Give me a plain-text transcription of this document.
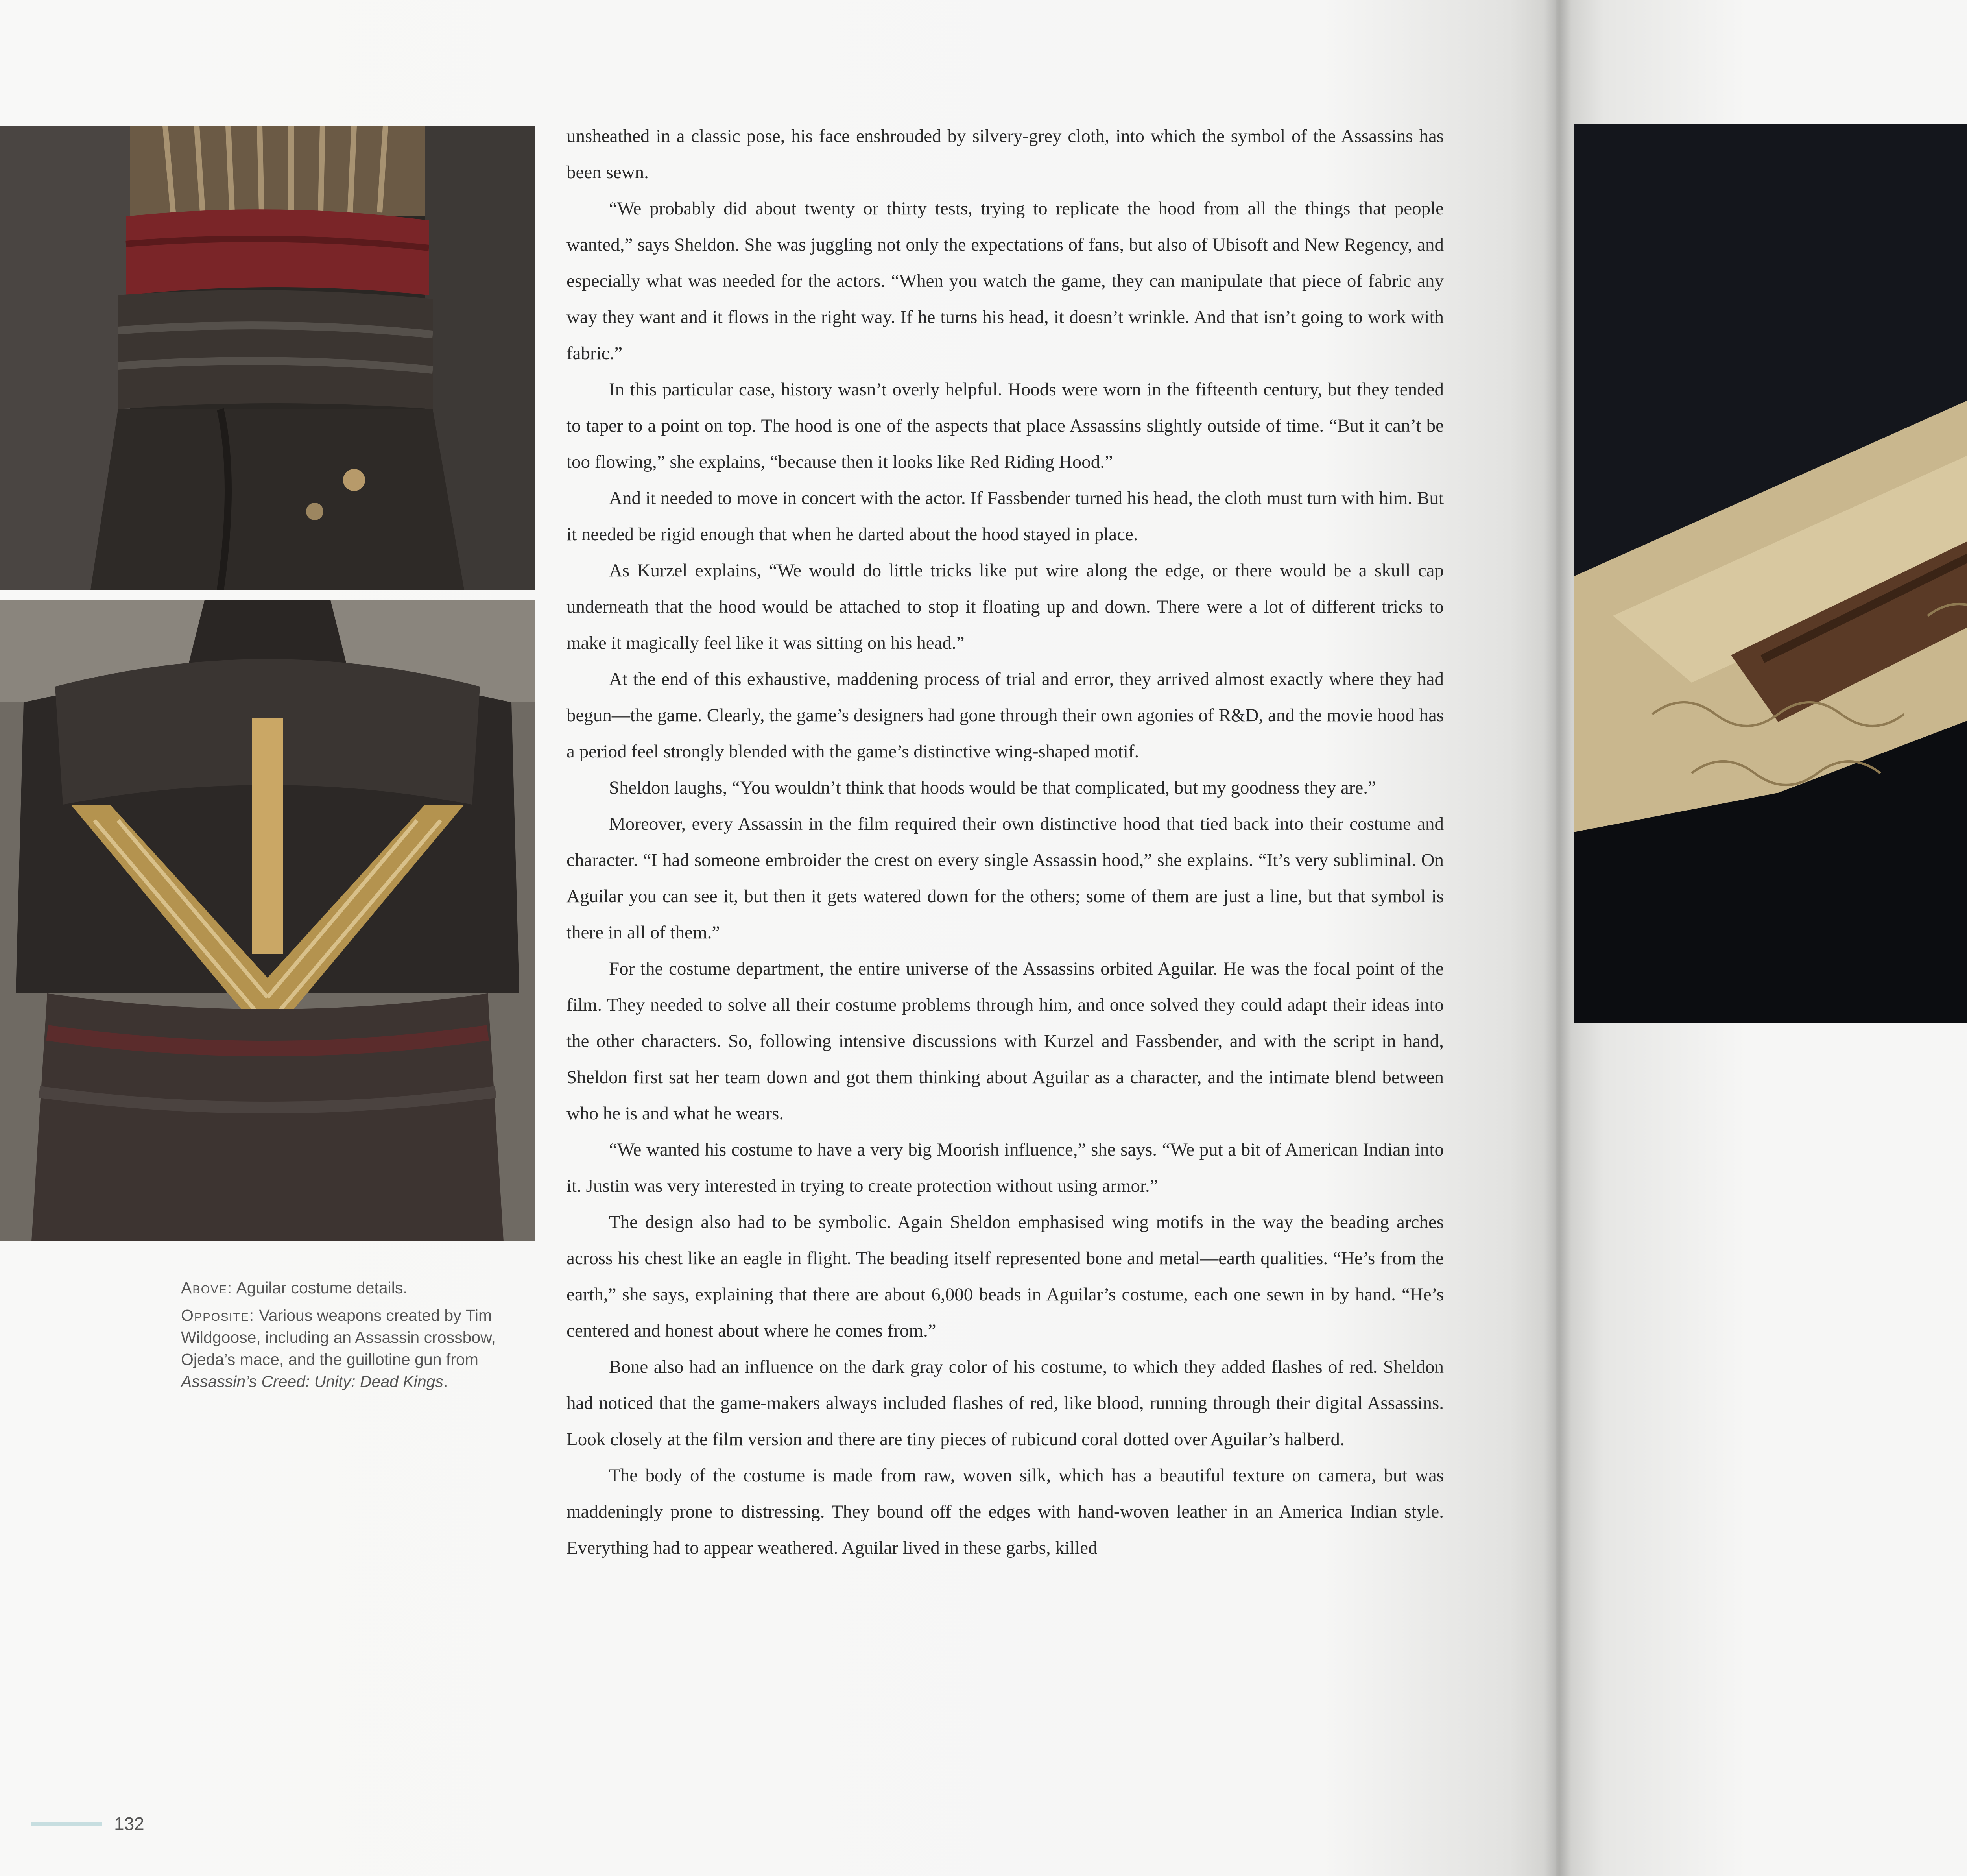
Above: Aguilar costume details.

Opposite: Various weapons created by Tim Wildgoose, including an Assassin crossbow, Ojeda’s mace, and the guillotine gun from Assassin’s Creed: Unity: Dead Kings.

unsheathed in a classic pose, his face enshrouded by silvery-grey cloth, into which the symbol of the Assassins has been sewn.

“We probably did about twenty or thirty tests, trying to replicate the hood from all the things that people wanted,” says Sheldon. She was juggling not only the expectations of fans, but also of Ubisoft and New Regency, and especially what was needed for the actors. “When you watch the game, they can manipulate that piece of fabric any way they want and it flows in the right way. If he turns his head, it doesn’t wrinkle. And that isn’t going to work with fabric.”

In this particular case, history wasn’t overly helpful. Hoods were worn in the fifteenth century, but they tended to taper to a point on top. The hood is one of the aspects that place Assassins slightly outside of time. “But it can’t be too flowing,” she explains, “because then it looks like Red Riding Hood.”

And it needed to move in concert with the actor. If Fassbender turned his head, the cloth must turn with him. But it needed be rigid enough that when he darted about the hood stayed in place.

As Kurzel explains, “We would do little tricks like put wire along the edge, or there would be a skull cap underneath that the hood would be attached to stop it floating up and down. There were a lot of different tricks to make it magically feel like it was sitting on his head.”

At the end of this exhaustive, maddening process of trial and error, they arrived almost exactly where they had begun—the game. Clearly, the game’s designers had gone through their own agonies of R&D, and the movie hood has a period feel strongly blended with the game’s distinctive wing-shaped motif.

Sheldon laughs, “You wouldn’t think that hoods would be that complicated, but my goodness they are.”

Moreover, every Assassin in the film required their own distinctive hood that tied back into their costume and character. “I had someone embroider the crest on every single Assassin hood,” she explains. “It’s very subliminal. On Aguilar you can see it, but then it gets watered down for the others; some of them are just a line, but that symbol is there in all of them.”

For the costume department, the entire universe of the Assassins orbited Aguilar. He was the focal point of the film. They needed to solve all their costume problems through him, and once solved they could adapt their ideas into the other characters. So, following intensive discussions with Kurzel and Fassbender, and with the script in hand, Sheldon first sat her team down and got them thinking about Aguilar as a character, and the intimate blend between who he is and what he wears.

“We wanted his costume to have a very big Moorish influence,” she says. “We put a bit of American Indian into it. Justin was very interested in trying to create protection without using armor.”

The design also had to be symbolic. Again Sheldon emphasised wing motifs in the way the beading arches across his chest like an eagle in flight. The beading itself represented bone and metal—earth qualities. “He’s from the earth,” she says, explaining that there are about 6,000 beads in Aguilar’s costume, each one sewn in by hand. “He’s centered and honest about where he comes from.”

Bone also had an influence on the dark gray color of his costume, to which they added flashes of red. Sheldon had noticed that the game-makers always included flashes of red, like blood, running through their digital Assassins. Look closely at the film version and there are tiny pieces of rubicund coral dotted over Aguilar’s halberd.

The body of the costume is made from raw, woven silk, which has a beautiful texture on camera, but was maddeningly prone to distressing. They bound off the edges with hand-woven leather in an America Indian style. Everything had to appear weathered. Aguilar lived in these garbs, killed

132
